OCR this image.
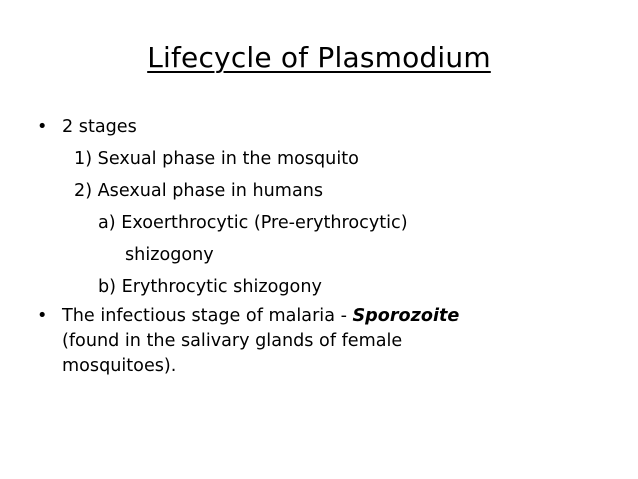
Lifecycle of Plasmodium
• 2 stages
1) Sexual phase in the mosquito
2) Asexual phase in humans
a) Exoerthrocytic (Pre-erythrocytic)
shizogony
b) Erythrocytic shizogony
• The infectious stage of malaria - Sporozoite
(found in the salivary glands of female
mosquitoes).
